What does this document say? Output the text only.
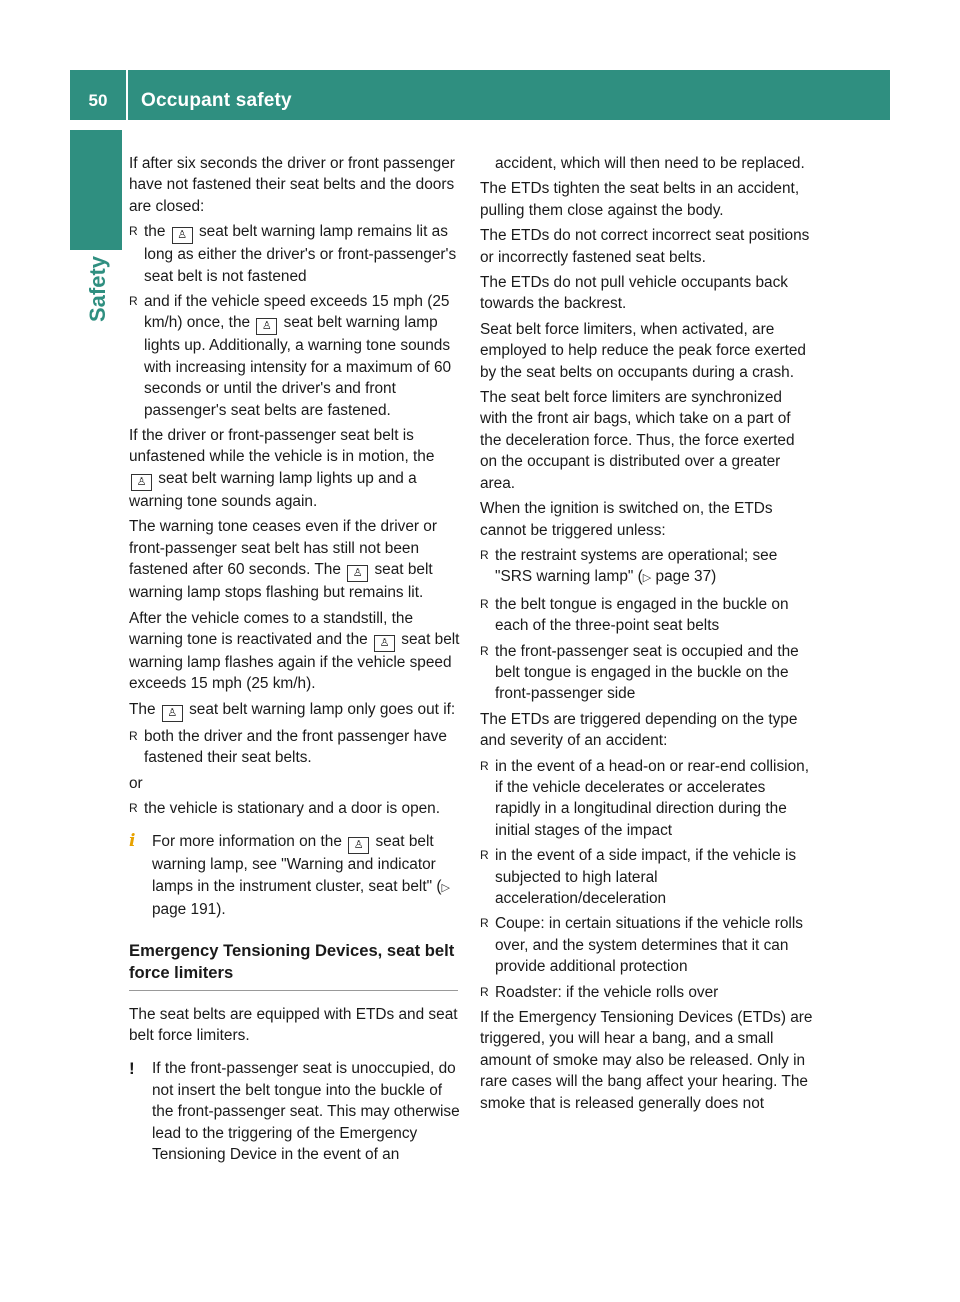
50	Occupant safety
Safety

If after six seconds the driver or front passenger have not fastened their seat belts and the doors are closed:

R the ♙ seat belt warning lamp remains lit as long as either the driver's or front-passenger's seat belt is not fastened
R and if the vehicle speed exceeds 15 mph (25 km/h) once, the ♙ seat belt warning lamp lights up. Additionally, a warning tone sounds with increasing intensity for a maximum of 60 seconds or until the driver's and front passenger's seat belts are fastened.

If the driver or front-passenger seat belt is unfastened while the vehicle is in motion, the ♙ seat belt warning lamp lights up and a warning tone sounds again.

The warning tone ceases even if the driver or front-passenger seat belt has still not been fastened after 60 seconds. The ♙ seat belt warning lamp stops flashing but remains lit.

After the vehicle comes to a standstill, the warning tone is reactivated and the ♙ seat belt warning lamp flashes again if the vehicle speed exceeds 15 mph (25 km/h).

The ♙ seat belt warning lamp only goes out if:

R both the driver and the front passenger have fastened their seat belts.

or

R the vehicle is stationary and a door is open.
i	For more information on the ♙ seat belt warning lamp, see "Warning and indicator lamps in the instrument cluster, seat belt" (▷ page 191).
Emergency Tensioning Devices, seat belt force limiters

The seat belts are equipped with ETDs and seat belt force limiters.

!	If the front-passenger seat is unoccupied, do not insert the belt tongue into the buckle of the front-passenger seat. This may otherwise lead to the triggering of the Emergency Tensioning Device in the event of an

accident, which will then need to be replaced.

The ETDs tighten the seat belts in an accident, pulling them close against the body.

The ETDs do not correct incorrect seat positions or incorrectly fastened seat belts.

The ETDs do not pull vehicle occupants back towards the backrest.

Seat belt force limiters, when activated, are employed to help reduce the peak force exerted by the seat belts on occupants during a crash.

The seat belt force limiters are synchronized with the front air bags, which take on a part of the deceleration force. Thus, the force exerted on the occupant is distributed over a greater area.

When the ignition is switched on, the ETDs cannot be triggered unless:

R the restraint systems are operational; see "SRS warning lamp" (▷ page 37)
R the belt tongue is engaged in the buckle on each of the three-point seat belts
R the front-passenger seat is occupied and the belt tongue is engaged in the buckle on the front-passenger side

The ETDs are triggered depending on the type and severity of an accident:

R in the event of a head-on or rear-end collision, if the vehicle decelerates or accelerates rapidly in a longitudinal direction during the initial stages of the impact
R in the event of a side impact, if the vehicle is subjected to high lateral acceleration/deceleration
R Coupe: in certain situations if the vehicle rolls over, and the system determines that it can provide additional protection
R Roadster: if the vehicle rolls over

If the Emergency Tensioning Devices (ETDs) are triggered, you will hear a bang, and a small amount of smoke may also be released. Only in rare cases will the bang affect your hearing. The smoke that is released generally does not
